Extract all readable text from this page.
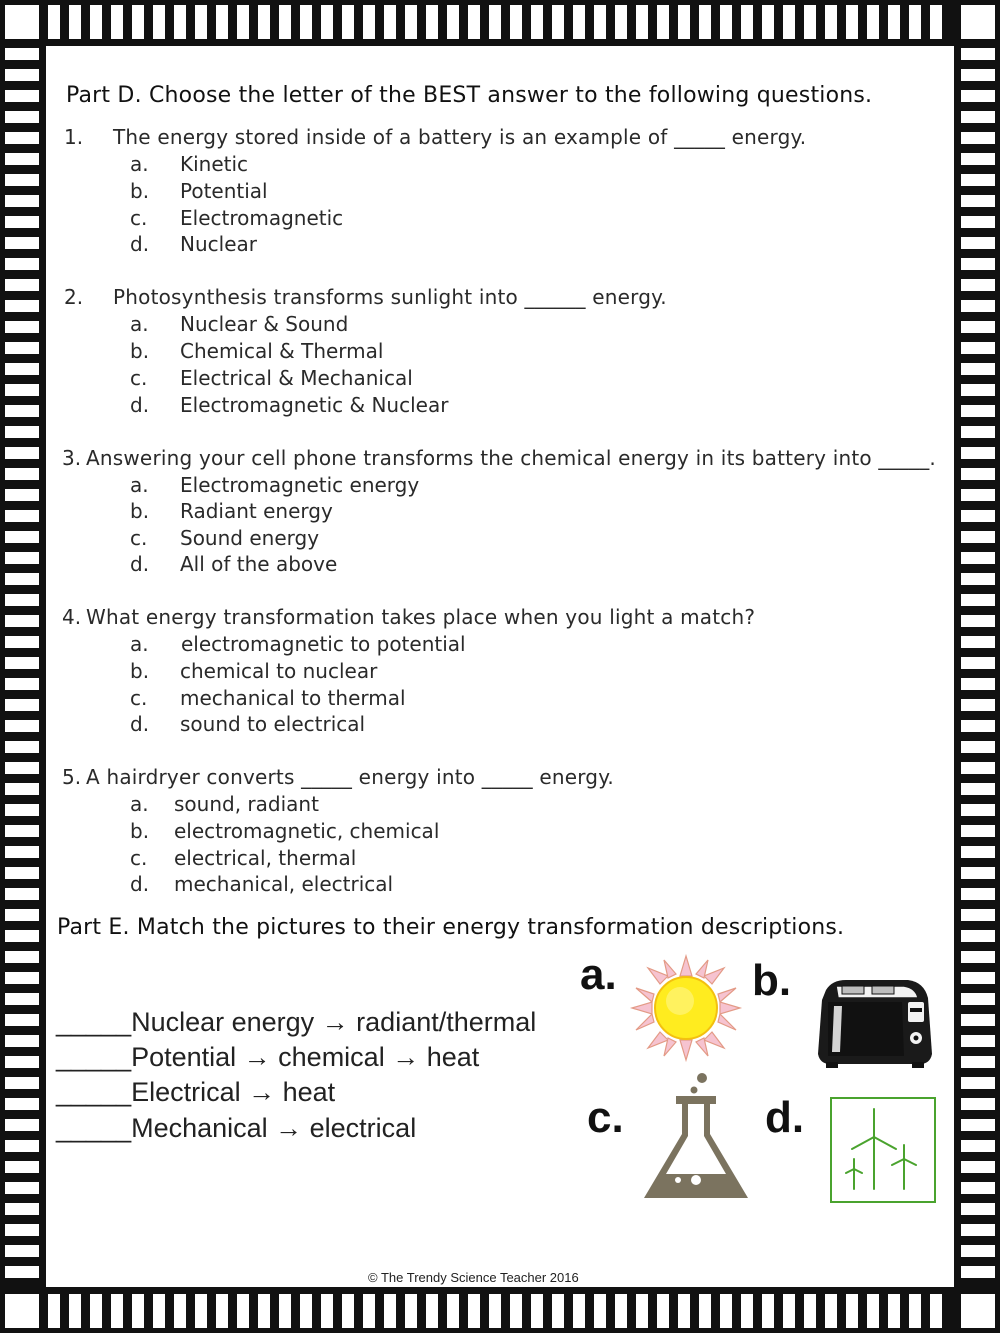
Part D. Choose the letter of the BEST answer to the following questions.
1. The energy stored inside of a battery is an example of _____ energy.
a. Kinetic
b. Potential
c. Electromagnetic
d. Nuclear
2. Photosynthesis transforms sunlight into ______ energy.
a. Nuclear & Sound
b. Chemical & Thermal
c. Electrical & Mechanical
d. Electromagnetic & Nuclear
3. Answering your cell phone transforms the chemical energy in its battery into _____.
a. Electromagnetic energy
b. Radiant energy
c. Sound energy
d. All of the above
4. What energy transformation takes place when you light a match?
a. electromagnetic to potential
b. chemical to nuclear
c. mechanical to thermal
d. sound to electrical
5. A hairdryer converts _____ energy into _____ energy.
a. sound, radiant
b. electromagnetic, chemical
c. electrical, thermal
d. mechanical, electrical
Part E. Match the pictures to their energy transformation descriptions.
_____Nuclear energy → radiant/thermal
_____Potential → chemical → heat
_____Electrical → heat
_____Mechanical → electrical
a.	b.
c.	d.
© The Trendy Science Teacher 2016
